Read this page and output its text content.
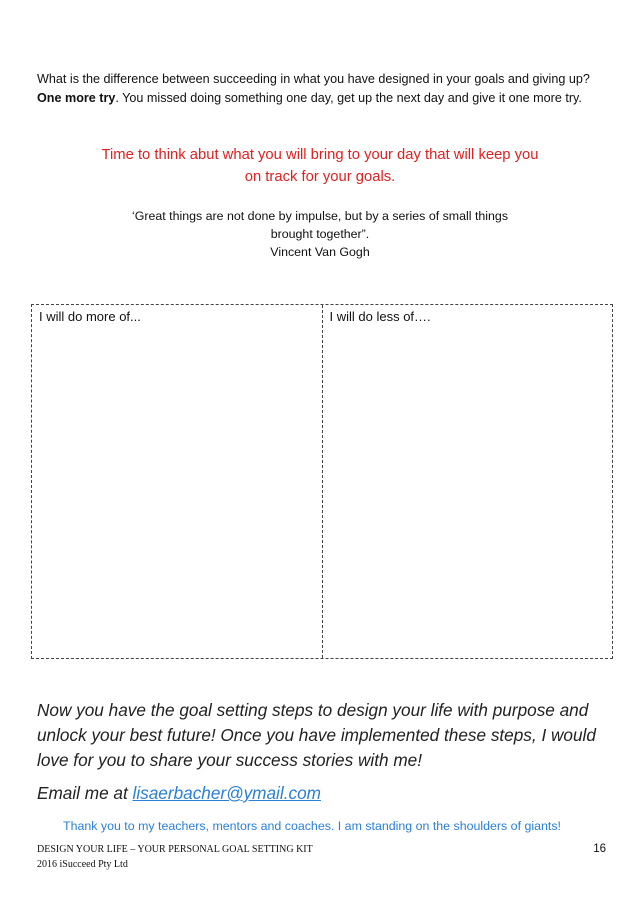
What is the difference between succeeding in what you have designed in your goals and giving up? One more try. You missed doing something one day, get up the next day and give it one more try.

Time to think abut what you will bring to your day that will keep you
on track for your goals.
‘Great things are not done by impulse, but by a series of small things
brought together”.
Vincent Van Gogh
I will do more of...	I will do less of….

Now you have the goal setting steps to design your life with purpose and unlock your best future! Once you have implemented these steps, I would love for you to share your success stories with me!

Email me at lisaerbacher@ymail.com
Thank you to my teachers, mentors and coaches. I am standing on the shoulders of giants!
DESIGN YOUR LIFE – YOUR PERSONAL GOAL SETTING KIT
2016 iSucceed Pty Ltd
16
